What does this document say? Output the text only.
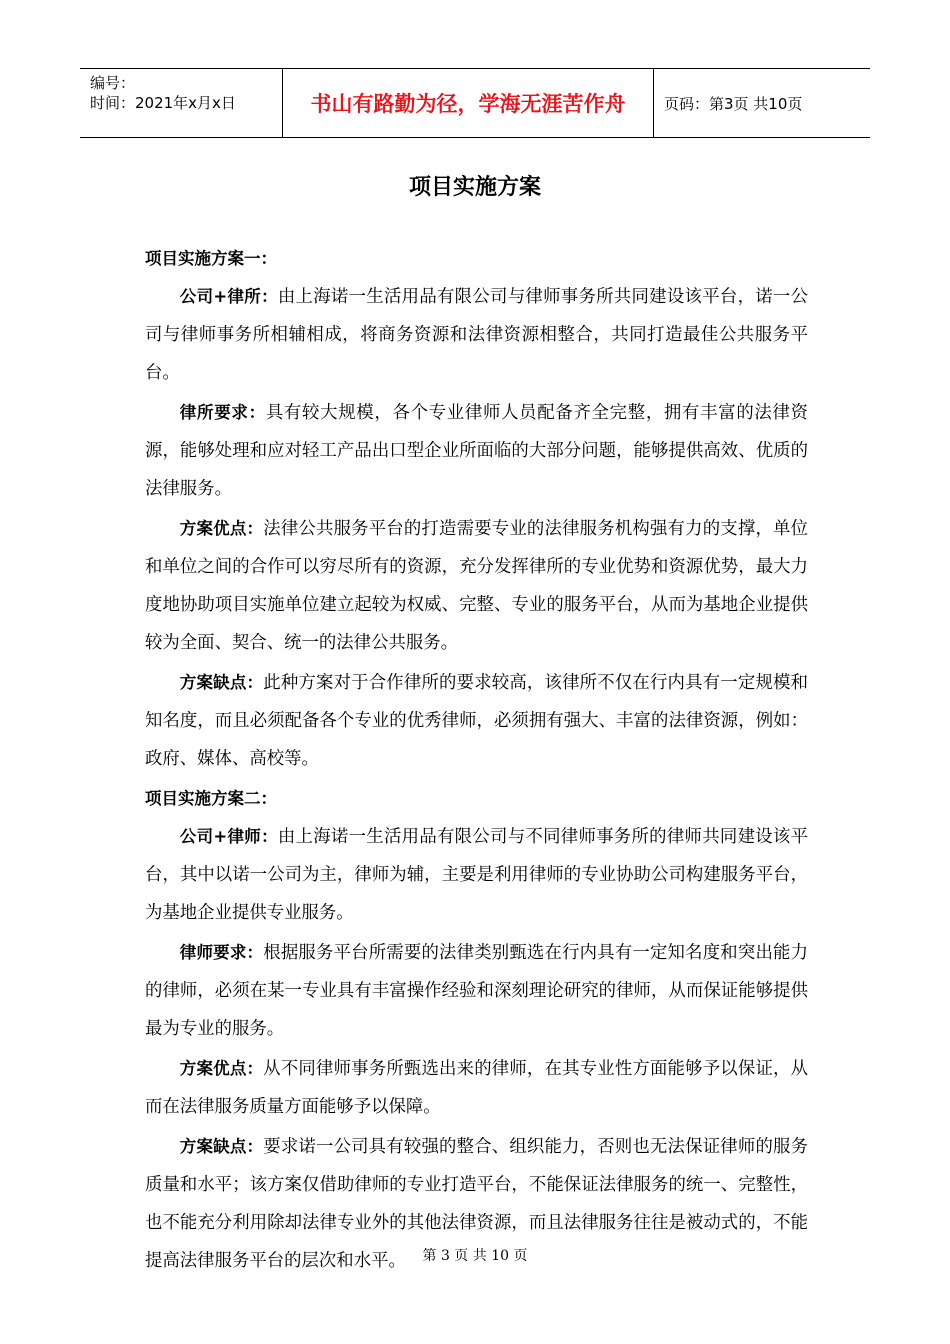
编号：
时间：2021年x月x日	书山有路勤为径，学海无涯苦作舟	页码：第3页 共10页
项目实施方案

项目实施方案一：

公司+律所：由上海诺一生活用品有限公司与律师事务所共同建设该平台，诺一公司与律师事务所相辅相成，将商务资源和法律资源相整合，共同打造最佳公共服务平台。

律所要求：具有较大规模，各个专业律师人员配备齐全完整，拥有丰富的法律资源，能够处理和应对轻工产品出口型企业所面临的大部分问题，能够提供高效、优质的法律服务。

方案优点：法律公共服务平台的打造需要专业的法律服务机构强有力的支撑，单位和单位之间的合作可以穷尽所有的资源，充分发挥律所的专业优势和资源优势，最大力度地协助项目实施单位建立起较为权威、完整、专业的服务平台，从而为基地企业提供较为全面、契合、统一的法律公共服务。

方案缺点：此种方案对于合作律所的要求较高，该律所不仅在行内具有一定规模和知名度，而且必须配备各个专业的优秀律师，必须拥有强大、丰富的法律资源，例如：政府、媒体、高校等。

项目实施方案二：

公司+律师：由上海诺一生活用品有限公司与不同律师事务所的律师共同建设该平台，其中以诺一公司为主，律师为辅，主要是利用律师的专业协助公司构建服务平台，为基地企业提供专业服务。

律师要求：根据服务平台所需要的法律类别甄选在行内具有一定知名度和突出能力的律师，必须在某一专业具有丰富操作经验和深刻理论研究的律师，从而保证能够提供最为专业的服务。

方案优点：从不同律师事务所甄选出来的律师，在其专业性方面能够予以保证，从而在法律服务质量方面能够予以保障。

方案缺点：要求诺一公司具有较强的整合、组织能力，否则也无法保证律师的服务质量和水平；该方案仅借助律师的专业打造平台，不能保证法律服务的统一、完整性，也不能充分利用除却法律专业外的其他法律资源，而且法律服务往往是被动式的，不能提高法律服务平台的层次和水平。	第 3 页 共 10 页
